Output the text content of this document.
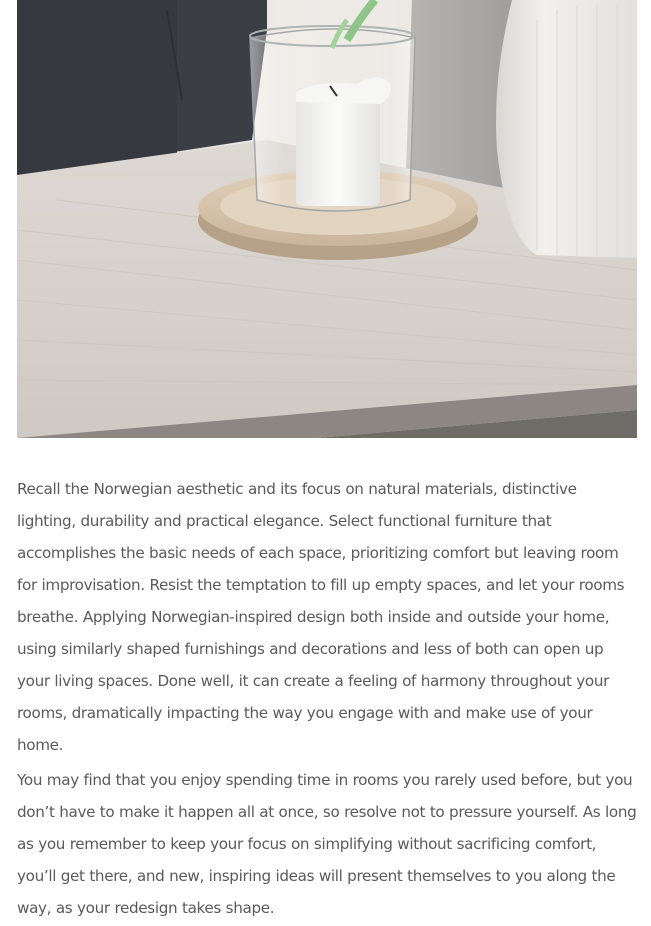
Recall the Norwegian aesthetic and its focus on natural materials, distinctive lighting, durability and practical elegance. Select functional furniture that accomplishes the basic needs of each space, prioritizing comfort but leaving room for improvisation. Resist the temptation to fill up empty spaces, and let your rooms breathe. Applying Norwegian-inspired design both inside and outside your home, using similarly shaped furnishings and decorations and less of both can open up your living spaces. Done well, it can create a feeling of harmony throughout your rooms, dramatically impacting the way you engage with and make use of your home.

You may find that you enjoy spending time in rooms you rarely used before, but you don’t have to make it happen all at once, so resolve not to pressure yourself. As long as you remember to keep your focus on simplifying without sacrificing comfort, you’ll get there, and new, inspiring ideas will present themselves to you along the way, as your redesign takes shape.
